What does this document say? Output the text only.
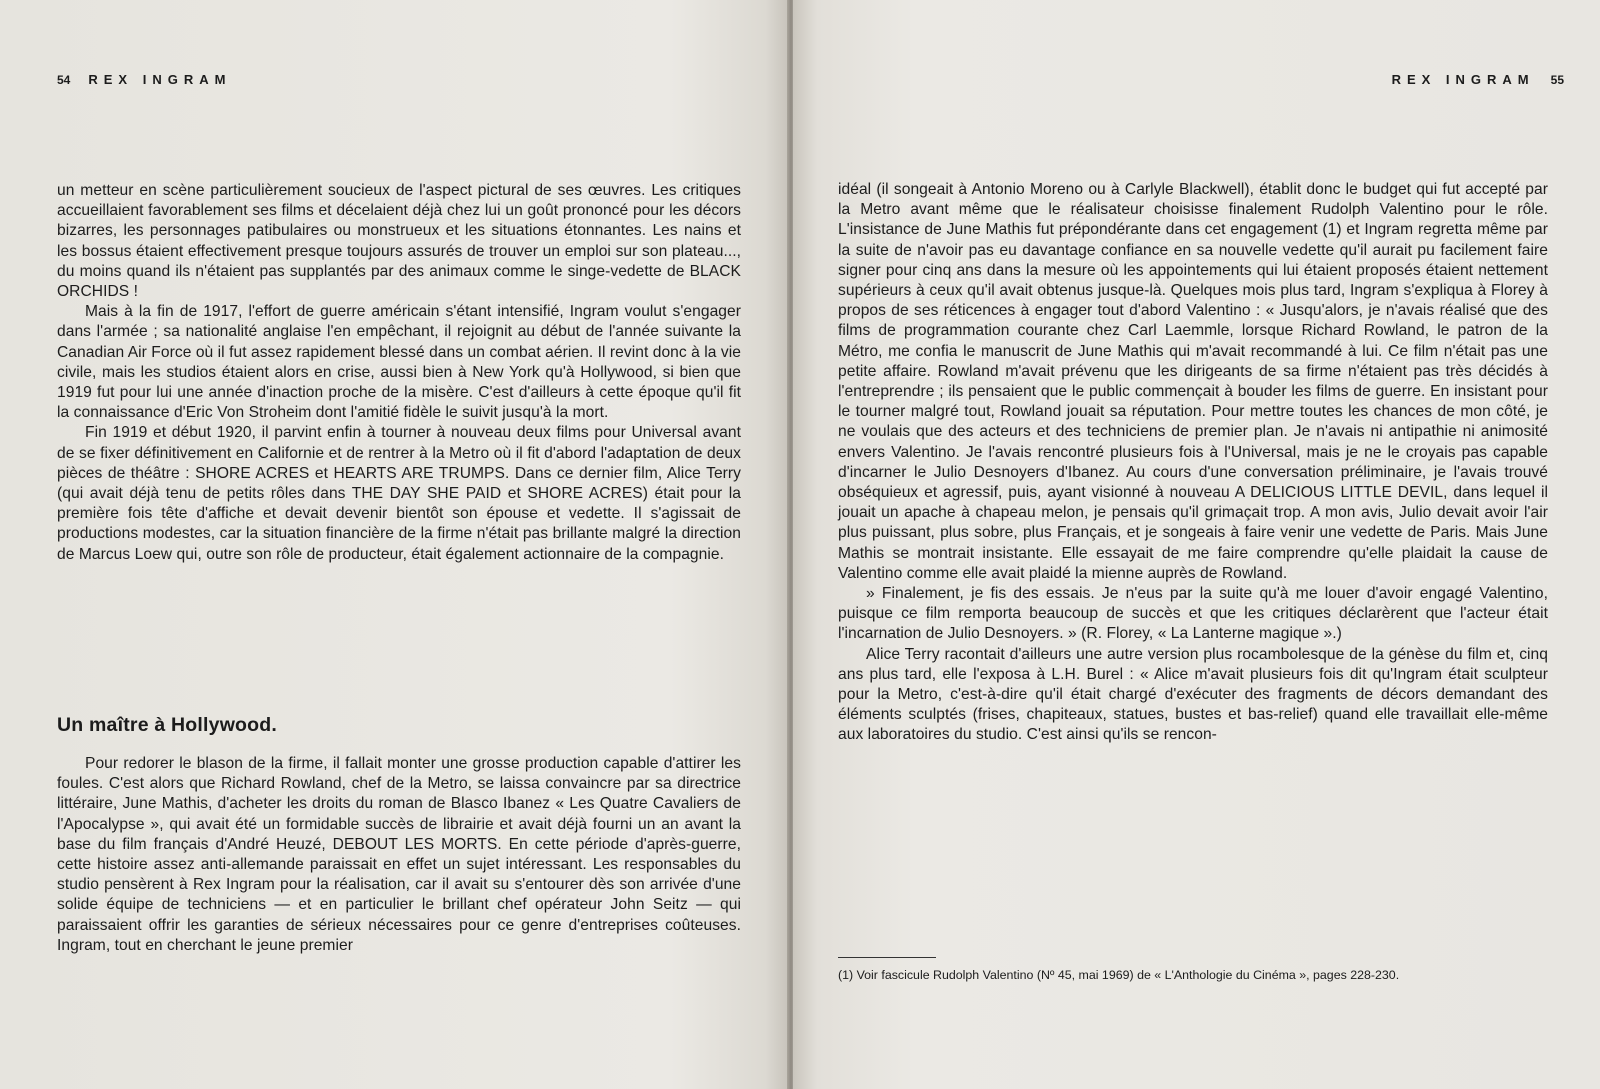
54 REX INGRAM

un metteur en scène particulièrement soucieux de l'aspect pictural de ses œuvres. Les critiques accueillaient favorablement ses films et décelaient déjà chez lui un goût prononcé pour les décors bizarres, les personnages patibulaires ou monstrueux et les situations étonnantes. Les nains et les bossus étaient effectivement presque toujours assurés de trouver un emploi sur son plateau..., du moins quand ils n'étaient pas supplantés par des animaux comme le singe-vedette de BLACK ORCHIDS !

Mais à la fin de 1917, l'effort de guerre américain s'étant intensifié, Ingram voulut s'engager dans l'armée ; sa nationalité anglaise l'en empêchant, il rejoignit au début de l'année suivante la Canadian Air Force où il fut assez rapidement blessé dans un combat aérien. Il revint donc à la vie civile, mais les studios étaient alors en crise, aussi bien à New York qu'à Hollywood, si bien que 1919 fut pour lui une année d'inaction proche de la misère. C'est d'ailleurs à cette époque qu'il fit la connaissance d'Eric Von Stroheim dont l'amitié fidèle le suivit jusqu'à la mort.

Fin 1919 et début 1920, il parvint enfin à tourner à nouveau deux films pour Universal avant de se fixer définitivement en Californie et de rentrer à la Metro où il fit d'abord l'adaptation de deux pièces de théâtre : SHORE ACRES et HEARTS ARE TRUMPS. Dans ce dernier film, Alice Terry (qui avait déjà tenu de petits rôles dans THE DAY SHE PAID et SHORE ACRES) était pour la première fois tête d'affiche et devait devenir bientôt son épouse et vedette. Il s'agissait de productions modestes, car la situation financière de la firme n'était pas brillante malgré la direction de Marcus Loew qui, outre son rôle de producteur, était également actionnaire de la compagnie.

Un maître à Hollywood.

Pour redorer le blason de la firme, il fallait monter une grosse production capable d'attirer les foules. C'est alors que Richard Rowland, chef de la Metro, se laissa convaincre par sa directrice littéraire, June Mathis, d'acheter les droits du roman de Blasco Ibanez « Les Quatre Cavaliers de l'Apocalypse », qui avait été un formidable succès de librairie et avait déjà fourni un an avant la base du film français d'André Heuzé, DEBOUT LES MORTS. En cette période d'après-guerre, cette histoire assez anti-allemande paraissait en effet un sujet intéressant. Les responsables du studio pensèrent à Rex Ingram pour la réalisation, car il avait su s'entourer dès son arrivée d'une solide équipe de techniciens — et en particulier le brillant chef opérateur John Seitz — qui paraissaient offrir les garanties de sérieux nécessaires pour ce genre d'entreprises coûteuses. Ingram, tout en cherchant le jeune premier

REX INGRAM 55

idéal (il songeait à Antonio Moreno ou à Carlyle Blackwell), établit donc le budget qui fut accepté par la Metro avant même que le réalisateur choisisse finalement Rudolph Valentino pour le rôle. L'insistance de June Mathis fut prépondérante dans cet engagement (1) et Ingram regretta même par la suite de n'avoir pas eu davantage confiance en sa nouvelle vedette qu'il aurait pu facilement faire signer pour cinq ans dans la mesure où les appointements qui lui étaient proposés étaient nettement supérieurs à ceux qu'il avait obtenus jusque-là. Quelques mois plus tard, Ingram s'expliqua à Florey à propos de ses réticences à engager tout d'abord Valentino : « Jusqu'alors, je n'avais réalisé que des films de programmation courante chez Carl Laemmle, lorsque Richard Rowland, le patron de la Métro, me confia le manuscrit de June Mathis qui m'avait recommandé à lui. Ce film n'était pas une petite affaire. Rowland m'avait prévenu que les dirigeants de sa firme n'étaient pas très décidés à l'entreprendre ; ils pensaient que le public commençait à bouder les films de guerre. En insistant pour le tourner malgré tout, Rowland jouait sa réputation. Pour mettre toutes les chances de mon côté, je ne voulais que des acteurs et des techniciens de premier plan. Je n'avais ni antipathie ni animosité envers Valentino. Je l'avais rencontré plusieurs fois à l'Universal, mais je ne le croyais pas capable d'incarner le Julio Desnoyers d'Ibanez. Au cours d'une conversation préliminaire, je l'avais trouvé obséquieux et agressif, puis, ayant visionné à nouveau A DELICIOUS LITTLE DEVIL, dans lequel il jouait un apache à chapeau melon, je pensais qu'il grimaçait trop. A mon avis, Julio devait avoir l'air plus puissant, plus sobre, plus Français, et je songeais à faire venir une vedette de Paris. Mais June Mathis se montrait insistante. Elle essayait de me faire comprendre qu'elle plaidait la cause de Valentino comme elle avait plaidé la mienne auprès de Rowland.

» Finalement, je fis des essais. Je n'eus par la suite qu'à me louer d'avoir engagé Valentino, puisque ce film remporta beaucoup de succès et que les critiques déclarèrent que l'acteur était l'incarnation de Julio Desnoyers. » (R. Florey, « La Lanterne magique ».)

Alice Terry racontait d'ailleurs une autre version plus rocambolesque de la génèse du film et, cinq ans plus tard, elle l'exposa à L.H. Burel : « Alice m'avait plusieurs fois dit qu'Ingram était sculpteur pour la Metro, c'est-à-dire qu'il était chargé d'exécuter des fragments de décors demandant des éléments sculptés (frises, chapiteaux, statues, bustes et bas-relief) quand elle travaillait elle-même aux laboratoires du studio. C'est ainsi qu'ils se rencon-

(1) Voir fascicule Rudolph Valentino (Nº 45, mai 1969) de « L'Anthologie du Cinéma », pages 228-230.
